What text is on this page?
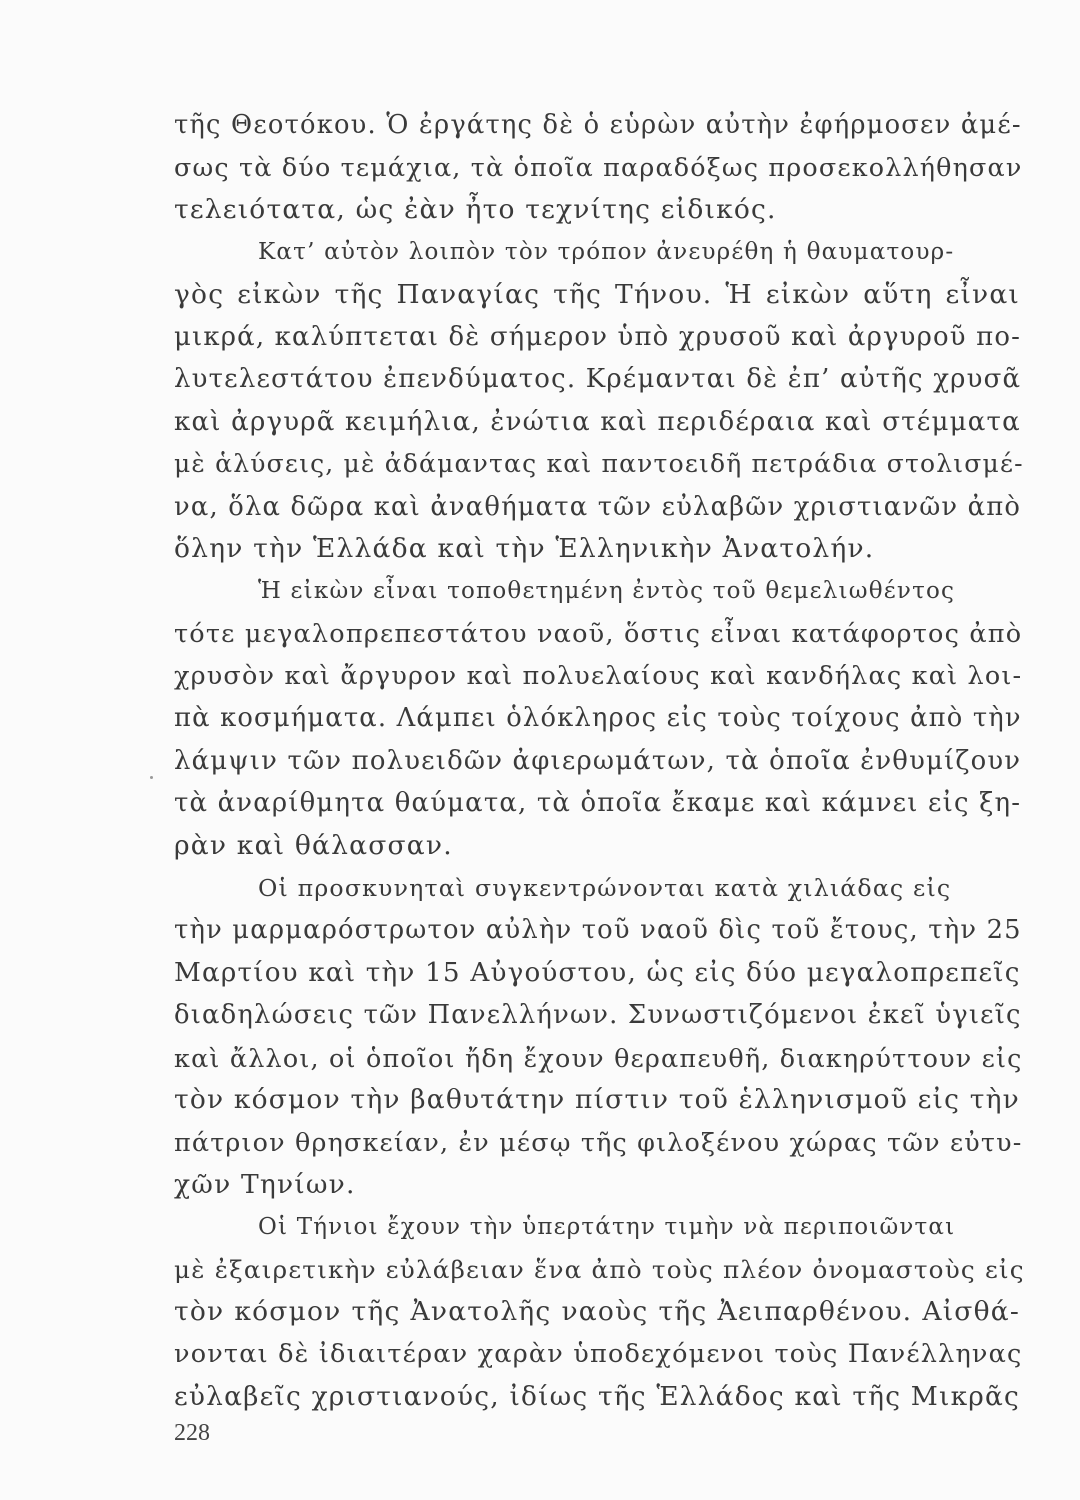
τῆς Θεοτόκου. Ὁ ἐργάτης δὲ ὁ εὑρὼν αὐτὴν ἐφήρμοσεν ἀμέ-
σως τὰ δύο τεμάχια, τὰ ὁποῖα παραδόξως προσεκολλήθησαν
τελειότατα, ὡς ἐὰν ἦτο τεχνίτης εἰδικός.
Κατ’ αὐτὸν λοιπὸν τὸν τρόπον ἀνευρέθη ἡ θαυματουρ-
γὸς εἰκὼν τῆς Παναγίας τῆς Τήνου. Ἡ εἰκὼν αὕτη εἶναι
μικρά, καλύπτεται δὲ σήμερον ὑπὸ χρυσοῦ καὶ ἀργυροῦ πο-
λυτελεστάτου ἐπενδύματος. Κρέμανται δὲ ἐπ’ αὐτῆς χρυσᾶ
καὶ ἀργυρᾶ κειμήλια, ἐνώτια καὶ περιδέραια καὶ στέμματα
μὲ ἁλύσεις, μὲ ἀδάμαντας καὶ παντοειδῆ πετράδια στολισμέ-
να, ὅλα δῶρα καὶ ἀναθήματα τῶν εὐλαβῶν χριστιανῶν ἀπὸ
ὅλην τὴν Ἑλλάδα καὶ τὴν Ἑλληνικὴν Ἀνατολήν.
Ἡ εἰκὼν εἶναι τοποθετημένη ἐντὸς τοῦ θεμελιωθέντος
τότε μεγαλοπρεπεστάτου ναοῦ, ὅστις εἶναι κατάφορτος ἀπὸ
χρυσὸν καὶ ἄργυρον καὶ πολυελαίους καὶ κανδήλας καὶ λοι-
πὰ κοσμήματα. Λάμπει ὁλόκληρος εἰς τοὺς τοίχους ἀπὸ τὴν
λάμψιν τῶν πολυειδῶν ἀφιερωμάτων, τὰ ὁποῖα ἐνθυμίζουν
τὰ ἀναρίθμητα θαύματα, τὰ ὁποῖα ἔκαμε καὶ κάμνει εἰς ξη-
ρὰν καὶ θάλασσαν.
Οἱ προσκυνηταὶ συγκεντρώνονται κατὰ χιλιάδας εἰς
τὴν μαρμαρόστρωτον αὐλὴν τοῦ ναοῦ δὶς τοῦ ἔτους, τὴν 25
Μαρτίου καὶ τὴν 15 Αὐγούστου, ὡς εἰς δύο μεγαλοπρεπεῖς
διαδηλώσεις τῶν Πανελλήνων. Συνωστιζόμενοι ἐκεῖ ὑγιεῖς
καὶ ἄλλοι, οἱ ὁποῖοι ἤδη ἔχουν θεραπευθῆ, διακηρύττουν εἰς
τὸν κόσμον τὴν βαθυτάτην πίστιν τοῦ ἑλληνισμοῦ εἰς τὴν
πάτριον θρησκείαν, ἐν μέσῳ τῆς φιλοξένου χώρας τῶν εὐτυ-
χῶν Τηνίων.
Οἱ Τήνιοι ἔχουν τὴν ὑπερτάτην τιμὴν νὰ περιποιῶνται
μὲ ἐξαιρετικὴν εὐλάβειαν ἕνα ἀπὸ τοὺς πλέον ὀνομαστοὺς εἰς
τὸν κόσμον τῆς Ἀνατολῆς ναοὺς τῆς Ἀειπαρθένου. Αἰσθά-
νονται δὲ ἰδιαιτέραν χαρὰν ὑποδεχόμενοι τοὺς Πανέλληνας
εὐλαβεῖς χριστιανούς, ἰδίως τῆς Ἑλλάδος καὶ τῆς Μικρᾶς
228
